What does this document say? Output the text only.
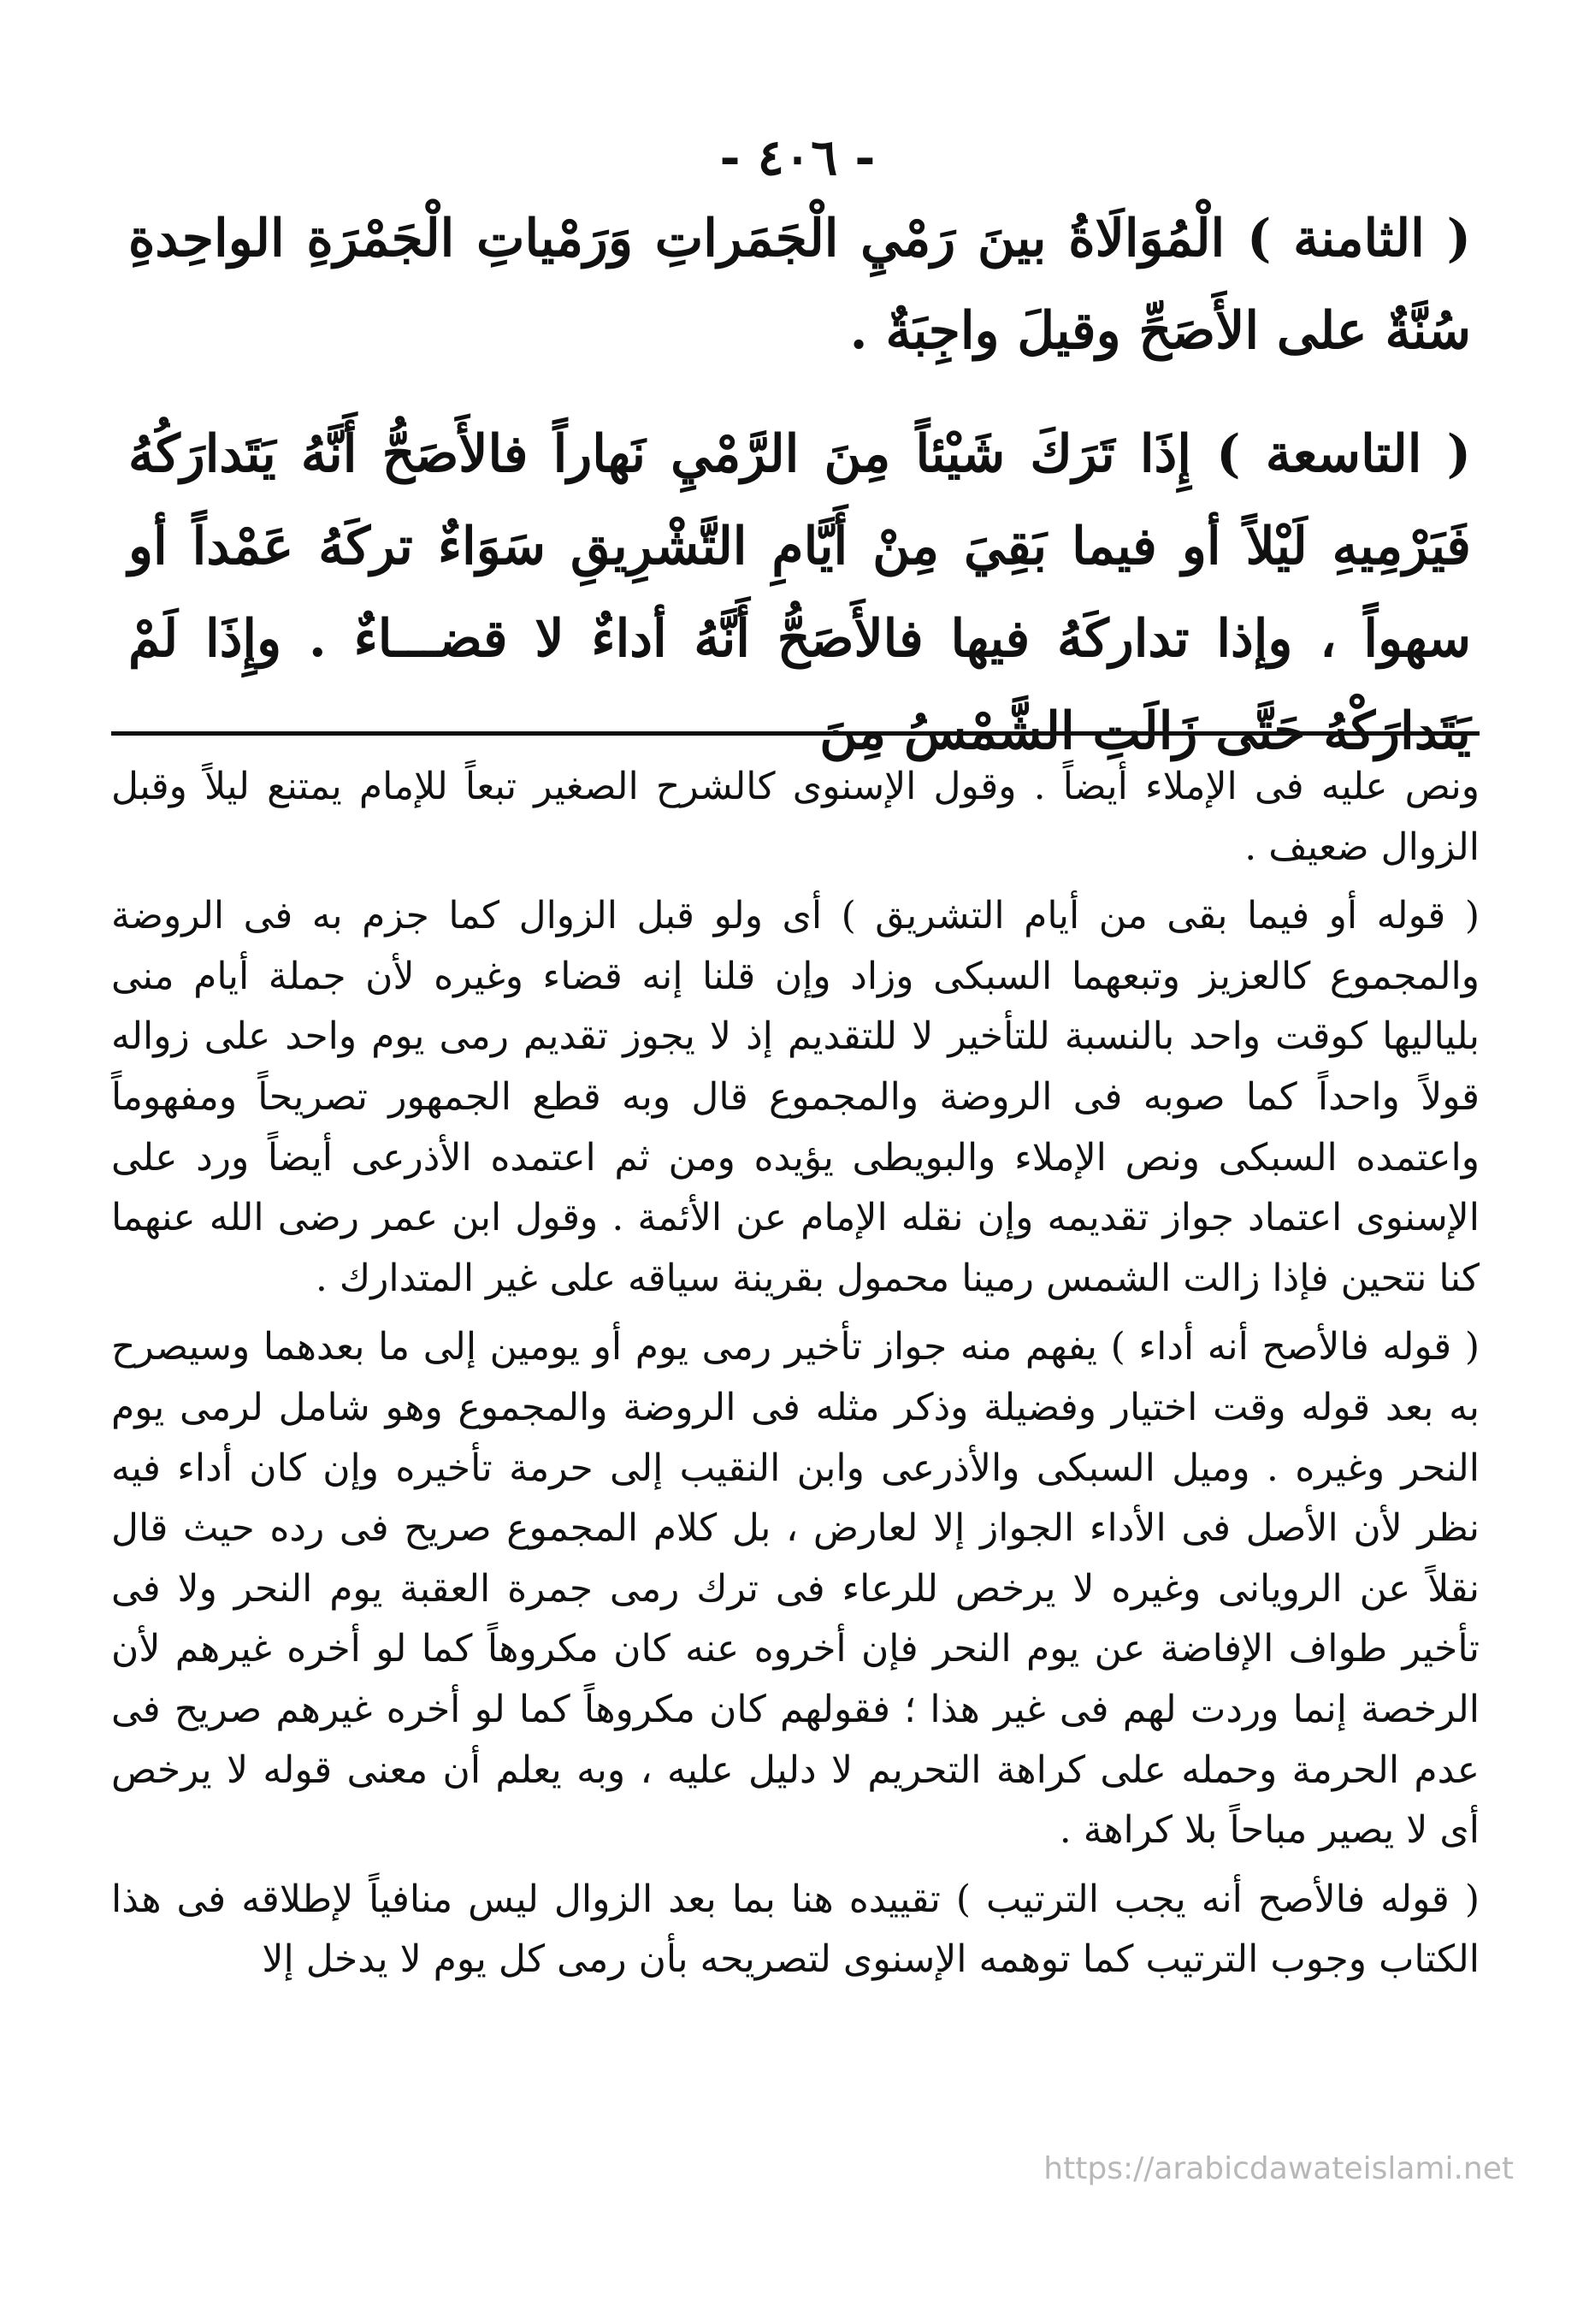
- ٤٠٦ -

( الثامنة ) الْمُوَالَاةُ بينَ رَمْيِ الْجَمَراتِ وَرَمْياتِ الْجَمْرَةِ الواحِدةِ سُنَّةٌ على الأَصَحِّ وقيلَ واجِبَةٌ .

( التاسعة ) إِذَا تَرَكَ شَيْئاً مِنَ الرَّمْيِ نَهاراً فالأَصَحُّ أَنَّهُ يَتَدارَكُهُ فَيَرْمِيهِ لَيْلاً أو فيما بَقِيَ مِنْ أَيَّامِ التَّشْرِيقِ سَوَاءٌ تركَهُ عَمْداً أو سهواً ، وإذا تداركَهُ فيها فالأَصَحُّ أَنَّهُ أداءٌ لا قضـــاءٌ . وإِذَا لَمْ يَتَدارَكْهُ حَتَّى زَالَتِ الشَّمْسُ مِنَ

ونص عليه فى الإملاء أيضاً . وقول الإسنوى كالشرح الصغير تبعاً للإمام يمتنع ليلاً وقبل الزوال ضعيف .

( قوله أو فيما بقى من أيام التشريق ) أى ولو قبل الزوال كما جزم به فى الروضة والمجموع كالعزيز وتبعهما السبكى وزاد وإن قلنا إنه قضاء وغيره لأن جملة أيام منى بلياليها كوقت واحد بالنسبة للتأخير لا للتقديم إذ لا يجوز تقديم رمى يوم واحد على زواله قولاً واحداً كما صوبه فى الروضة والمجموع قال وبه قطع الجمهور تصريحاً ومفهوماً واعتمده السبكى ونص الإملاء والبويطى يؤيده ومن ثم اعتمده الأذرعى أيضاً ورد على الإسنوى اعتماد جواز تقديمه وإن نقله الإمام عن الأئمة . وقول ابن عمر رضى الله عنهما كنا نتحين فإذا زالت الشمس رمينا محمول بقرينة سياقه على غير المتدارك .

( قوله فالأصح أنه أداء ) يفهم منه جواز تأخير رمى يوم أو يومين إلى ما بعدهما وسيصرح به بعد قوله وقت اختيار وفضيلة وذكر مثله فى الروضة والمجموع وهو شامل لرمى يوم النحر وغيره . وميل السبكى والأذرعى وابن النقيب إلى حرمة تأخيره وإن كان أداء فيه نظر لأن الأصل فى الأداء الجواز إلا لعارض ، بل كلام المجموع صريح فى رده حيث قال نقلاً عن الرويانى وغيره لا يرخص للرعاء فى ترك رمى جمرة العقبة يوم النحر ولا فى تأخير طواف الإفاضة عن يوم النحر فإن أخروه عنه كان مكروهاً كما لو أخره غيرهم لأن الرخصة إنما وردت لهم فى غير هذا ؛ فقولهم كان مكروهاً كما لو أخره غيرهم صريح فى عدم الحرمة وحمله على كراهة التحريم لا دليل عليه ، وبه يعلم أن معنى قوله لا يرخص أى لا يصير مباحاً بلا كراهة .

( قوله فالأصح أنه يجب الترتيب ) تقييده هنا بما بعد الزوال ليس منافياً لإطلاقه فى هذا الكتاب وجوب الترتيب كما توهمه الإسنوى لتصريحه بأن رمى كل يوم لا يدخل إلا

https://arabicdawateislami.net
